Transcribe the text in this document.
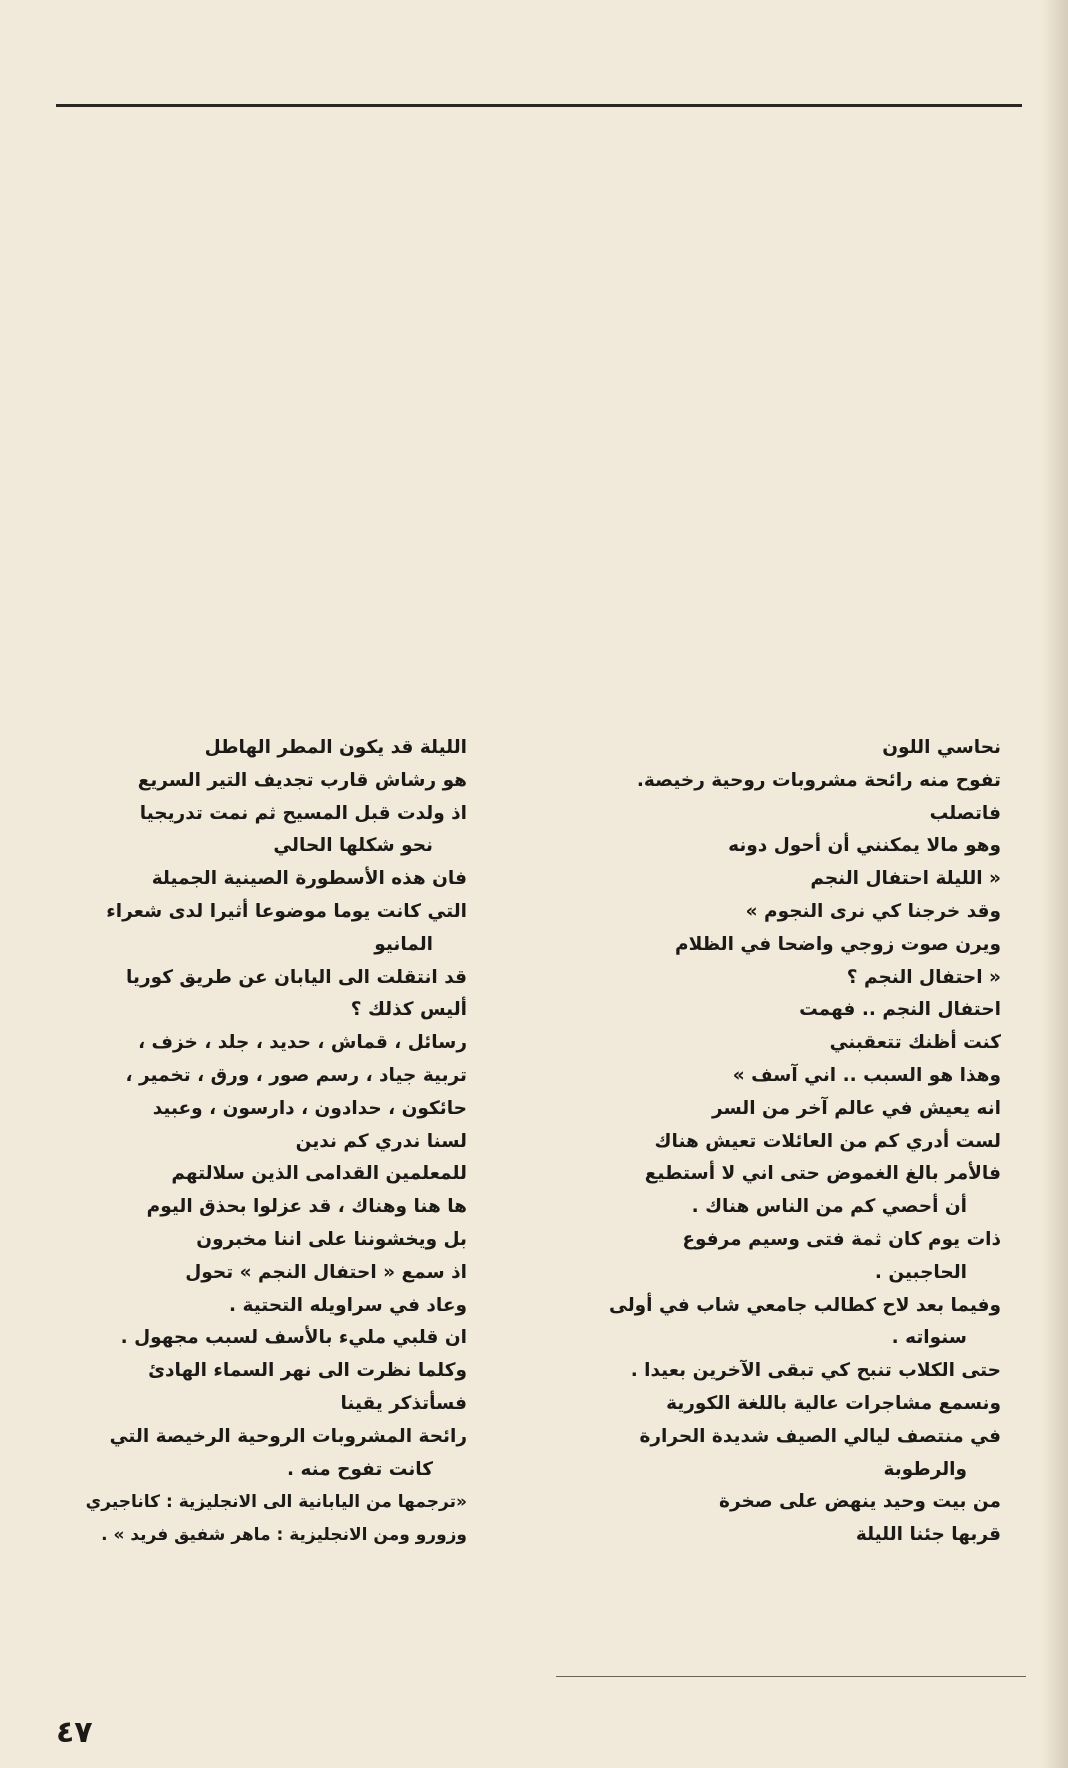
نحاسي اللون
تفوح منه رائحة مشروبات روحية رخيصة.
فاتصلب
وهو مالا يمكنني أن أحول دونه
« الليلة احتفال النجم
وقد خرجنا كي نرى النجوم »
ويرن صوت زوجي واضحا في الظلام
« احتفال النجم ؟
احتفال النجم .. فهمت
كنت أظنك تتعقبني
وهذا هو السبب .. اني آسف »
انه يعيش في عالم آخر من السر
لست أدري كم من العائلات تعيش هناك
فالأمر بالغ الغموض حتى اني لا أستطيع
أن أحصي كم من الناس هناك .
ذات يوم كان ثمة فتى وسيم مرفوع
الحاجبين .
وفيما بعد لاح كطالب جامعي شاب في أولى
سنواته .
حتى الكلاب تنبح كي تبقى الآخرين بعيدا .
ونسمع مشاجرات عالية باللغة الكورية
في منتصف ليالي الصيف شديدة الحرارة
والرطوبة
من بيت وحيد ينهض على صخرة
قربها جئنا الليلة
الليلة قد يكون المطر الهاطل
هو رشاش قارب تجديف التير السريع
اذ ولدت قبل المسيح ثم نمت تدريجيا
نحو شكلها الحالي
فان هذه الأسطورة الصينية الجميلة
التي كانت يوما موضوعا أثيرا لدى شعراء
المانيو
قد انتقلت الى اليابان عن طريق كوريا
أليس كذلك ؟
رسائل ، قماش ، حديد ، جلد ، خزف ،
تربية جياد ، رسم صور ، ورق ، تخمير ،
حائكون ، حدادون ، دارسون ، وعبيد
لسنا ندري كم ندين
للمعلمين القدامى الذين سلالتهم
ها هنا وهناك ، قد عزلوا بحذق اليوم
بل ويخشوننا على اننا مخبرون
اذ سمع « احتفال النجم » تحول
وعاد في سراويله التحتية .
ان قلبي مليء بالأسف لسبب مجهول .
وكلما نظرت الى نهر السماء الهادئ
فسأتذكر يقينا
رائحة المشروبات الروحية الرخيصة التي
كانت تفوح منه .
«ترجمها من اليابانية الى الانجليزية : كاناجيري
وزورو ومن الانجليزية : ماهر شفيق فريد » .
٤٧
